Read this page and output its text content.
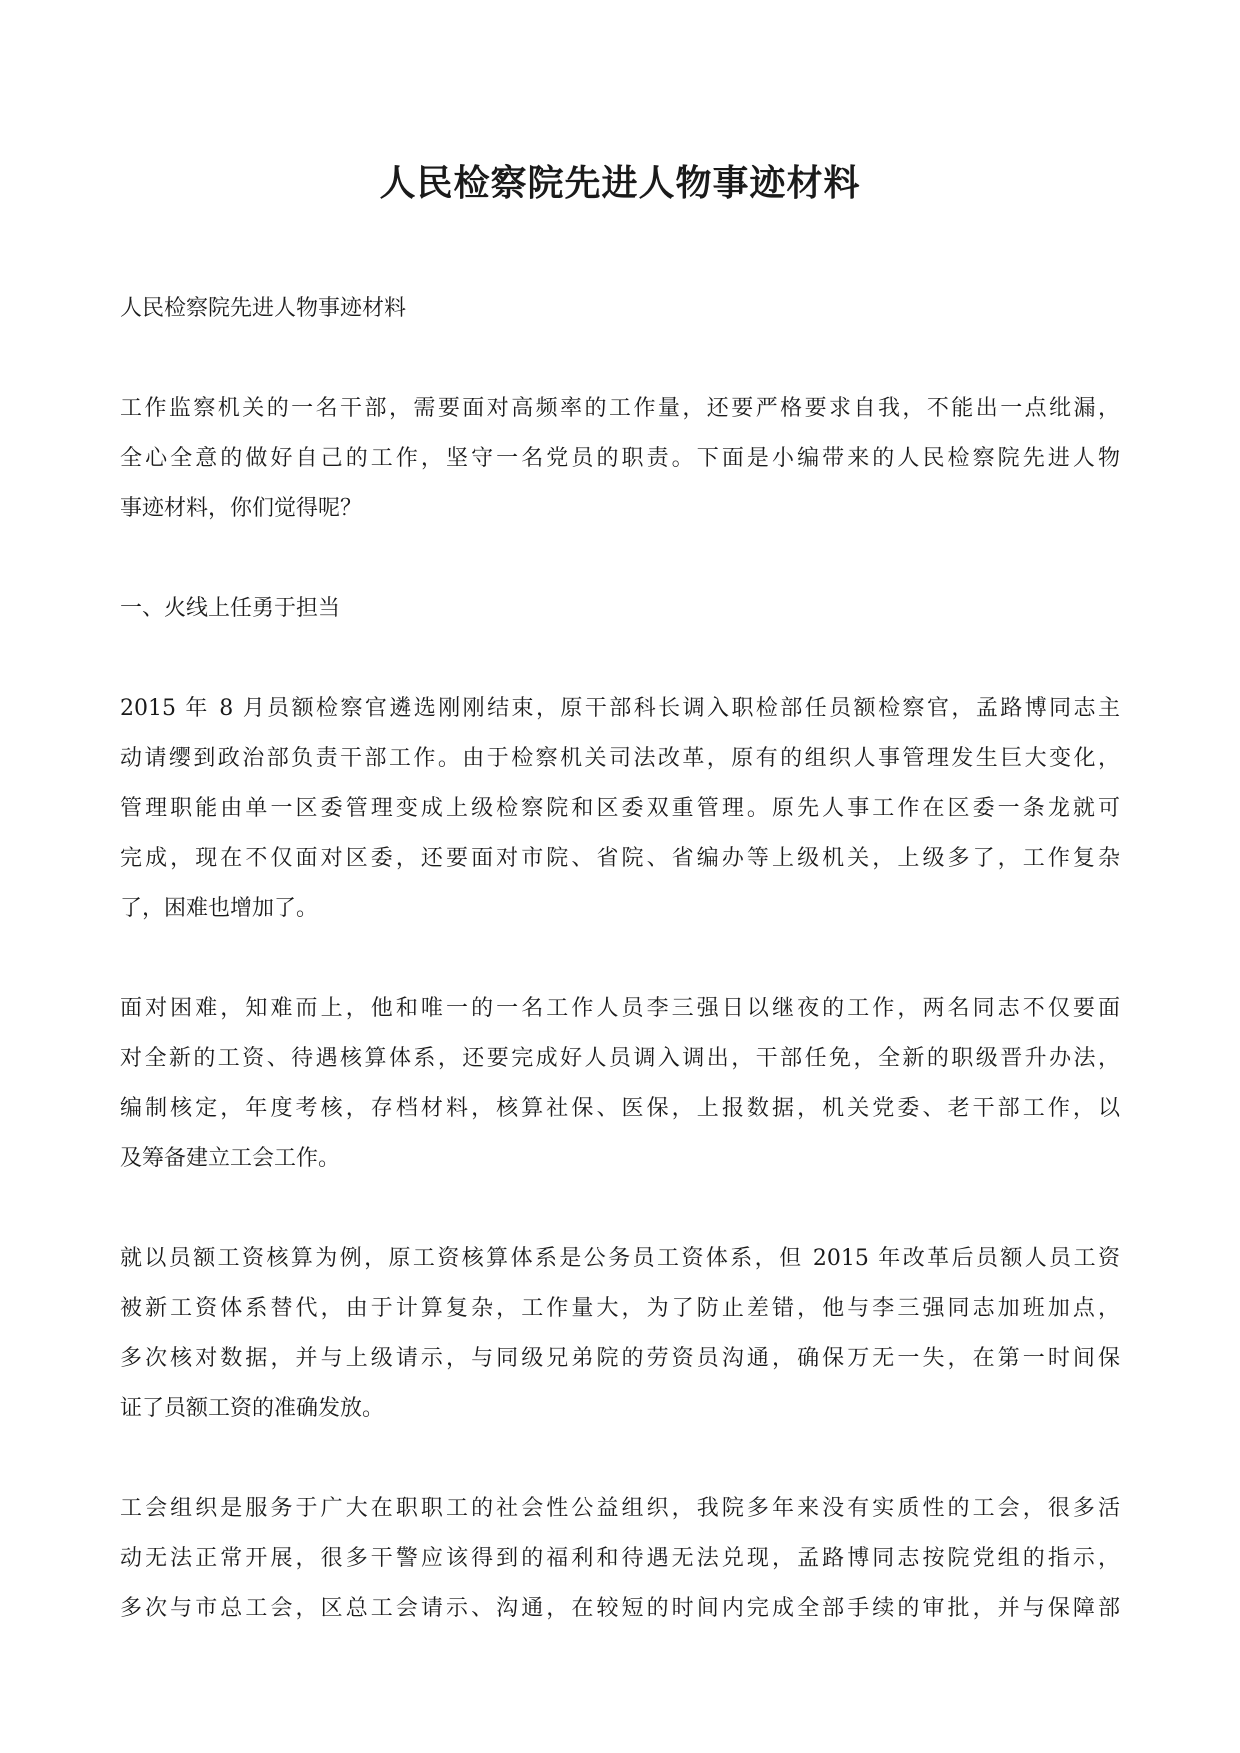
人民检察院先进人物事迹材料
人民检察院先进人物事迹材料
工作监察机关的一名干部，需要面对高频率的工作量，还要严格要求自我，不能出一点纰漏，
全心全意的做好自己的工作，坚守一名党员的职责。下面是小编带来的人民检察院先进人物
事迹材料，你们觉得呢？
一、火线上任勇于担当
2015 年 8 月员额检察官遴选刚刚结束，原干部科长调入职检部任员额检察官，孟路博同志主
动请缨到政治部负责干部工作。由于检察机关司法改革，原有的组织人事管理发生巨大变化，
管理职能由单一区委管理变成上级检察院和区委双重管理。原先人事工作在区委一条龙就可
完成，现在不仅面对区委，还要面对市院、省院、省编办等上级机关，上级多了，工作复杂
了，困难也增加了。
面对困难，知难而上，他和唯一的一名工作人员李三强日以继夜的工作，两名同志不仅要面
对全新的工资、待遇核算体系，还要完成好人员调入调出，干部任免，全新的职级晋升办法，
编制核定，年度考核，存档材料，核算社保、医保，上报数据，机关党委、老干部工作，以
及筹备建立工会工作。
就以员额工资核算为例，原工资核算体系是公务员工资体系，但 2015 年改革后员额人员工资
被新工资体系替代，由于计算复杂，工作量大，为了防止差错，他与李三强同志加班加点，
多次核对数据，并与上级请示，与同级兄弟院的劳资员沟通，确保万无一失，在第一时间保
证了员额工资的准确发放。
工会组织是服务于广大在职职工的社会性公益组织，我院多年来没有实质性的工会，很多活
动无法正常开展，很多干警应该得到的福利和待遇无法兑现，孟路博同志按院党组的指示，
多次与市总工会，区总工会请示、沟通，在较短的时间内完成全部手续的审批，并与保障部
